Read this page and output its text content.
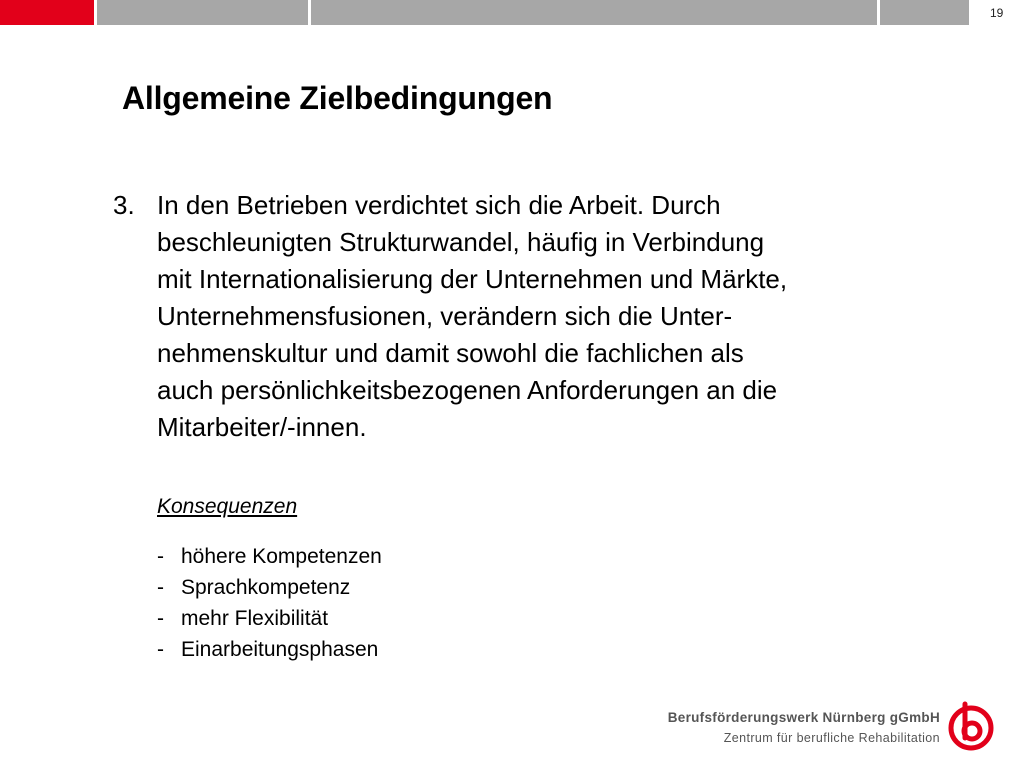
19
Allgemeine Zielbedingungen
3. In den Betrieben verdichtet sich die Arbeit. Durch
beschleunigten Strukturwandel, häufig in Verbindung
mit Internationalisierung der Unternehmen und Märkte,
Unternehmensfusionen, verändern sich die Unter-
nehmenskultur und damit sowohl die fachlichen als
auch persönlichkeitsbezogenen Anforderungen an die
Mitarbeiter/-innen.
Konsequenzen
- höhere Kompetenzen
- Sprachkompetenz
- mehr Flexibilität
- Einarbeitungsphasen
Berufsförderungswerk Nürnberg gGmbH
Zentrum für berufliche Rehabilitation
